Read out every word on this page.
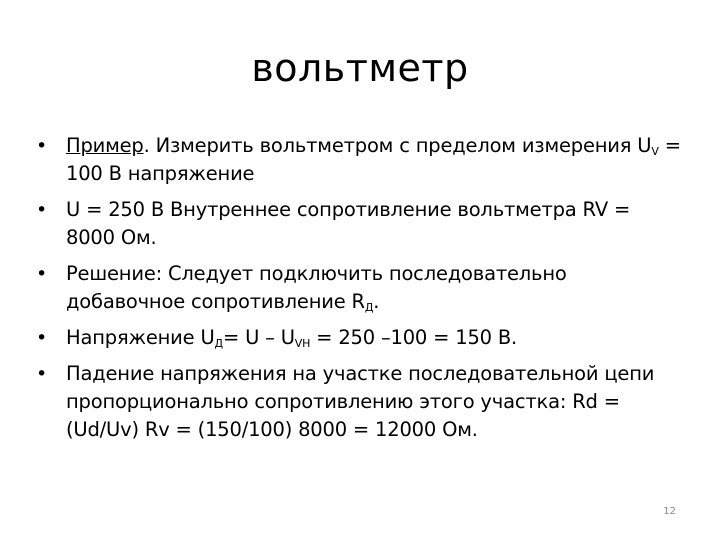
вольтметр
• Пример. Измерить вольтметром с пределом измерения $U_V = 100$ В напряжение
• U = 250 В Внутреннее сопротивление вольтметра RV = 8000 Ом.
• Решение: Следует подключить последовательно добавочное сопротивление $R_Д$.
• Напряжение $U_Д= U - U_{VН} = 250$ –100 = 150 В.
• Падение напряжения на участке последовательной цепи пропорционально сопротивлению этого участка: Rd = (Ud/Uv) Rv = (150/100) 8000 = 12000 Ом.
12
